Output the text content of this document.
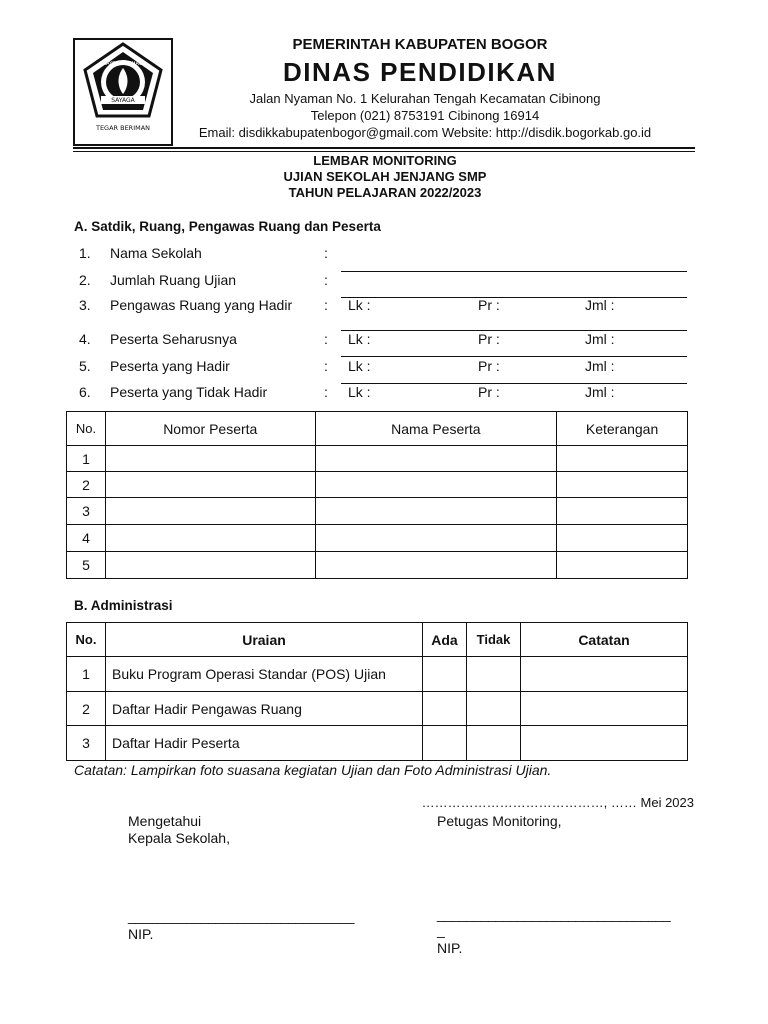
SAYAGA
PRAYOGA TOHAGA
TEGAR BERIMAN
PEMERINTAH KABUPATEN BOGOR
DINAS PENDIDIKAN
Jalan Nyaman No. 1 Kelurahan Tengah Kecamatan Cibinong
Telepon (021) 8753191 Cibinong 16914
Email: disdikkabupatenbogor@gmail.com Website: http://disdik.bogorkab.go.id
LEMBAR MONITORING
UJIAN SEKOLAH JENJANG SMP
TAHUN PELAJARAN 2022/2023
A. Satdik, Ruang, Pengawas Ruang dan Peserta
1. Nama Sekolah	:
2. Jumlah Ruang Ujian	:
3. Pengawas Ruang yang Hadir	: Lk :	Pr :	Jml :
4. Peserta Seharusnya	: Lk :	Pr :	Jml :
5. Peserta yang Hadir	: Lk :	Pr :	Jml :
6. Peserta yang Tidak Hadir	: Lk :	Pr :	Jml :
No.	Nomor Peserta	Nama Peserta	Keterangan
1			
2			
3			
4			
5			
B. Administrasi
No.	Uraian	Ada	Tidak	Catatan
1	Buku Program Operasi Standar (POS) Ujian			
2	Daftar Hadir Pengawas Ruang			
3	Daftar Hadir Peserta			
Catatan: Lampirkan foto suasana kegiatan Ujian dan Foto Administrasi Ujian.
……………………………………, …… Mei 2023
Mengetahui
Kepala Sekolah,
Petugas Monitoring,
_______________________________
NIP.
________________________________
_
NIP.
